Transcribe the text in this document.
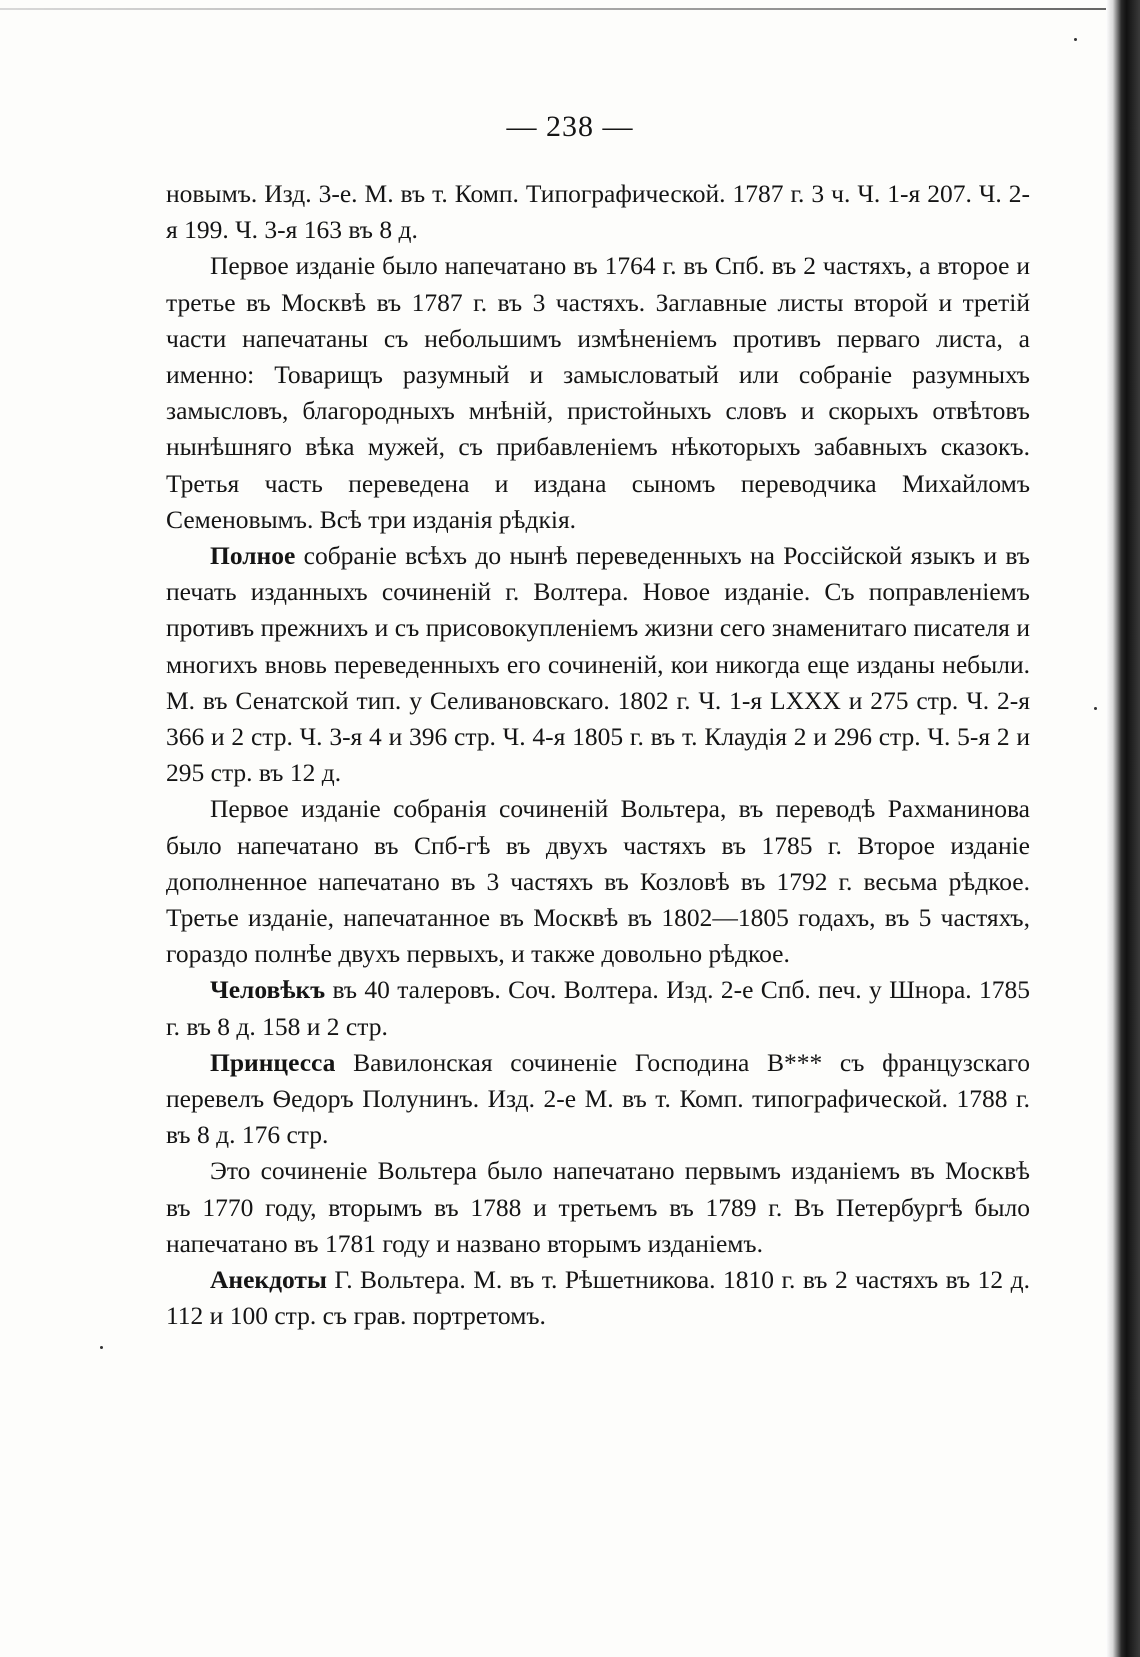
— 238 —

новымъ. Изд. 3-е. М. въ т. Комп. Типографической. 1787 г. 3 ч. Ч. 1-я 207. Ч. 2-я 199. Ч. 3-я 163 въ 8 д.

Первое изданіе было напечатано въ 1764 г. въ Спб. въ 2 частяхъ, а второе и третье въ Москвѣ въ 1787 г. въ 3 частяхъ. Заглавные листы второй и третій части напечатаны съ небольшимъ измѣненіемъ противъ перваго листа, а именно: Товарищъ разумный и замысловатый или собраніе разумныхъ замысловъ, благородныхъ мнѣній, пристойныхъ словъ и скорыхъ отвѣтовъ нынѣшняго вѣка мужей, съ прибавленіемъ нѣкоторыхъ забавныхъ сказокъ. Третья часть переведена и издана сыномъ переводчика Михайломъ Семеновымъ. Всѣ три изданія рѣдкія.

Полное собраніе всѣхъ до нынѣ переведенныхъ на Россійской языкъ и въ печать изданныхъ сочиненій г. Волтера. Новое изданіе. Съ поправленіемъ противъ прежнихъ и съ присовокупленіемъ жизни сего знаменитаго писателя и многихъ вновь переведенныхъ его сочиненій, кои никогда еще изданы небыли. М. въ Сенатской тип. у Селивановскаго. 1802 г. Ч. 1-я LXXX и 275 стр. Ч. 2-я 366 и 2 стр. Ч. 3-я 4 и 396 стр. Ч. 4-я 1805 г. въ т. Клаудія 2 и 296 стр. Ч. 5-я 2 и 295 стр. въ 12 д.

Первое изданіе собранія сочиненій Вольтера, въ переводѣ Рахманинова было напечатано въ Спб-гѣ въ двухъ частяхъ въ 1785 г. Второе изданіе дополненное напечатано въ 3 частяхъ въ Козловѣ въ 1792 г. весьма рѣдкое. Третье изданіе, напечатанное въ Москвѣ въ 1802—1805 годахъ, въ 5 частяхъ, гораздо полнѣе двухъ первыхъ, и также довольно рѣдкое.

Человѣкъ въ 40 талеровъ. Соч. Волтера. Изд. 2-е Спб. печ. у Шнора. 1785 г. въ 8 д. 158 и 2 стр.

Принцесса Вавилонская сочиненіе Господина В*** съ французскаго перевелъ Ѳедоръ Полунинъ. Изд. 2-е М. въ т. Комп. типографической. 1788 г. въ 8 д. 176 стр.

Это сочиненіе Вольтера было напечатано первымъ изданіемъ въ Москвѣ въ 1770 году, вторымъ въ 1788 и третьемъ въ 1789 г. Въ Петербургѣ было напечатано въ 1781 году и названо вторымъ изданіемъ.

Анекдоты Г. Вольтера. М. въ т. Рѣшетникова. 1810 г. въ 2 частяхъ въ 12 д. 112 и 100 стр. съ грав. портретомъ.
